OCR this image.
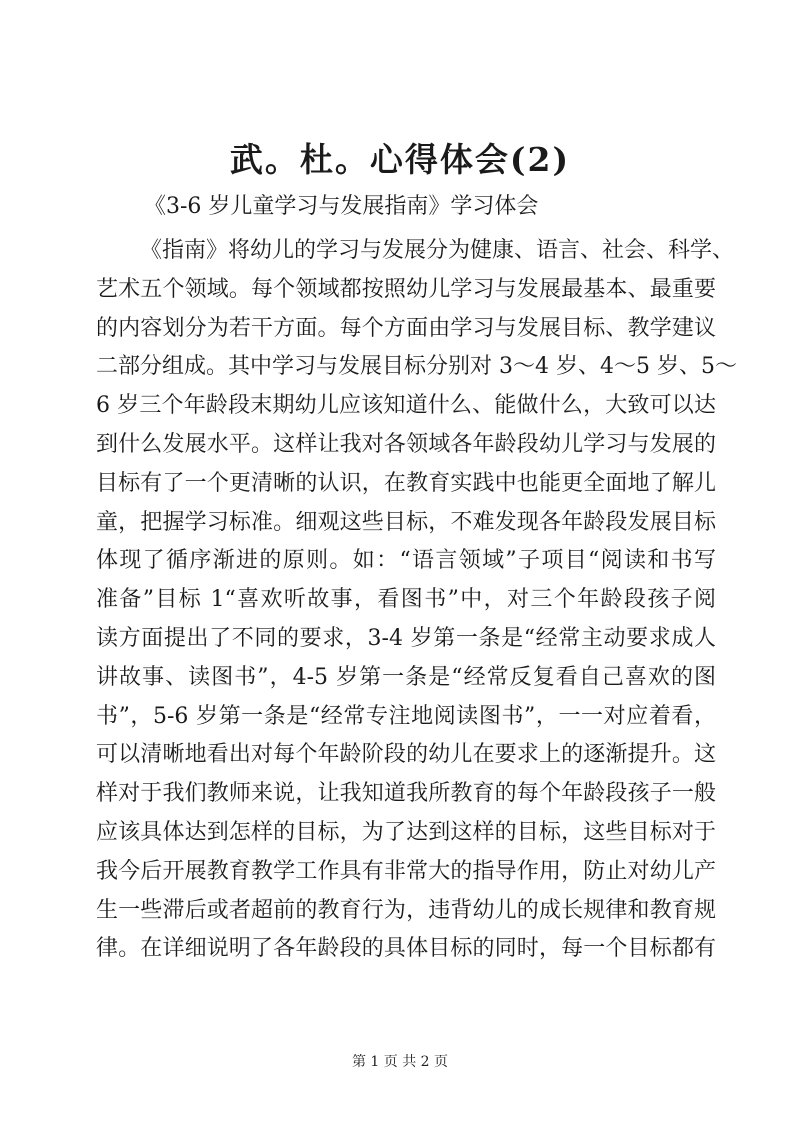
武。杜。心得体会(2)

《3-6 岁儿童学习与发展指南》学习体会

《指南》将幼儿的学习与发展分为健康、语言、社会、科学、
艺术五个领域。每个领域都按照幼儿学习与发展最基本、最重要
的内容划分为若干方面。每个方面由学习与发展目标、教学建议
二部分组成。其中学习与发展目标分别对 3～4 岁、4～5 岁、5～
6 岁三个年龄段末期幼儿应该知道什么、能做什么，大致可以达
到什么发展水平。这样让我对各领域各年龄段幼儿学习与发展的
目标有了一个更清晰的认识，在教育实践中也能更全面地了解儿
童，把握学习标准。细观这些目标，不难发现各年龄段发展目标
体现了循序渐进的原则。如：“语言领域”子项目“阅读和书写
准备”目标 1“喜欢听故事，看图书”中，对三个年龄段孩子阅
读方面提出了不同的要求，3-4 岁第一条是“经常主动要求成人
讲故事、读图书”，4-5 岁第一条是“经常反复看自己喜欢的图
书”，5-6 岁第一条是“经常专注地阅读图书”，一一对应着看，
可以清晰地看出对每个年龄阶段的幼儿在要求上的逐渐提升。这
样对于我们教师来说，让我知道我所教育的每个年龄段孩子一般
应该具体达到怎样的目标，为了达到这样的目标，这些目标对于
我今后开展教育教学工作具有非常大的指导作用，防止对幼儿产
生一些滞后或者超前的教育行为，违背幼儿的成长规律和教育规
律。在详细说明了各年龄段的具体目标的同时，每一个目标都有
第 1 页 共 2 页
